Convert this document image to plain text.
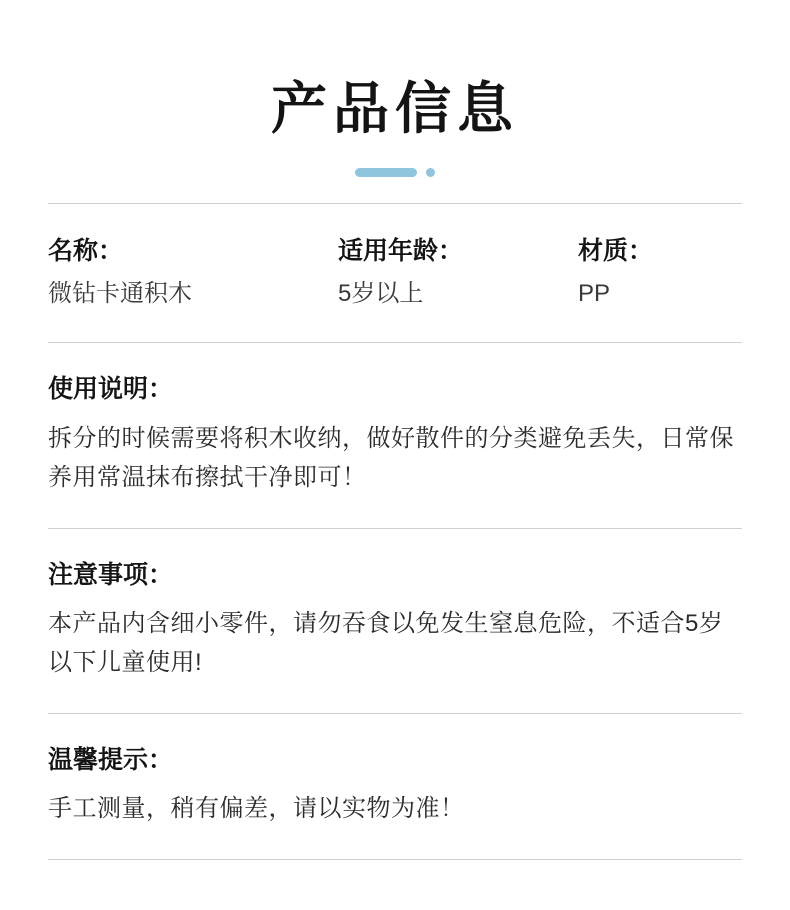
产品信息
名称：
微钻卡通积木
适用年龄：
5岁以上
材质：
PP
使用说明：
拆分的时候需要将积木收纳，做好散件的分类避免丢失，日常保养用常温抹布擦拭干净即可！
注意事项：
本产品内含细小零件，请勿吞食以免发生窒息危险，不适合5岁以下儿童使用!
温馨提示：
手工测量，稍有偏差，请以实物为准！
